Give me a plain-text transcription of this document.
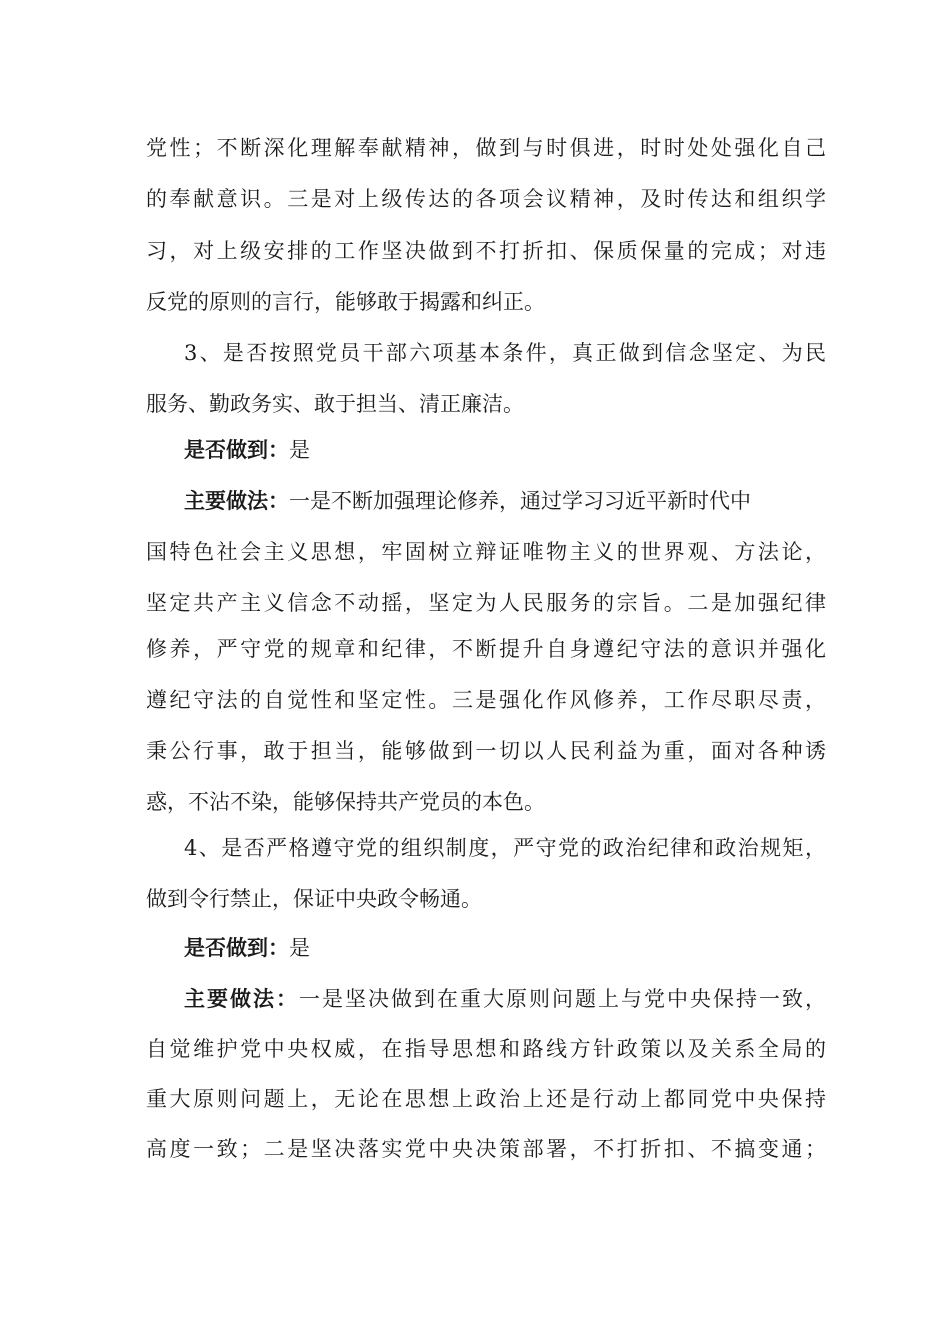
党性；不断深化理解奉献精神，做到与时俱进，时时处处强化自己
的奉献意识。三是对上级传达的各项会议精神，及时传达和组织学
习，对上级安排的工作坚决做到不打折扣、保质保量的完成；对违
反党的原则的言行，能够敢于揭露和纠正。
3、是否按照党员干部六项基本条件，真正做到信念坚定、为民
服务、勤政务实、敢于担当、清正廉洁。
是否做到：是
主要做法：一是不断加强理论修养，通过学习习近平新时代中
国特色社会主义思想，牢固树立辩证唯物主义的世界观、方法论，
坚定共产主义信念不动摇，坚定为人民服务的宗旨。二是加强纪律
修养，严守党的规章和纪律，不断提升自身遵纪守法的意识并强化
遵纪守法的自觉性和坚定性。三是强化作风修养，工作尽职尽责，
秉公行事，敢于担当，能够做到一切以人民利益为重，面对各种诱
惑，不沾不染，能够保持共产党员的本色。
4、是否严格遵守党的组织制度，严守党的政治纪律和政治规矩，
做到令行禁止，保证中央政令畅通。
是否做到：是
主要做法：一是坚决做到在重大原则问题上与党中央保持一致，
自觉维护党中央权威，在指导思想和路线方针政策以及关系全局的
重大原则问题上，无论在思想上政治上还是行动上都同党中央保持
高度一致；二是坚决落实党中央决策部署，不打折扣、不搞变通；
